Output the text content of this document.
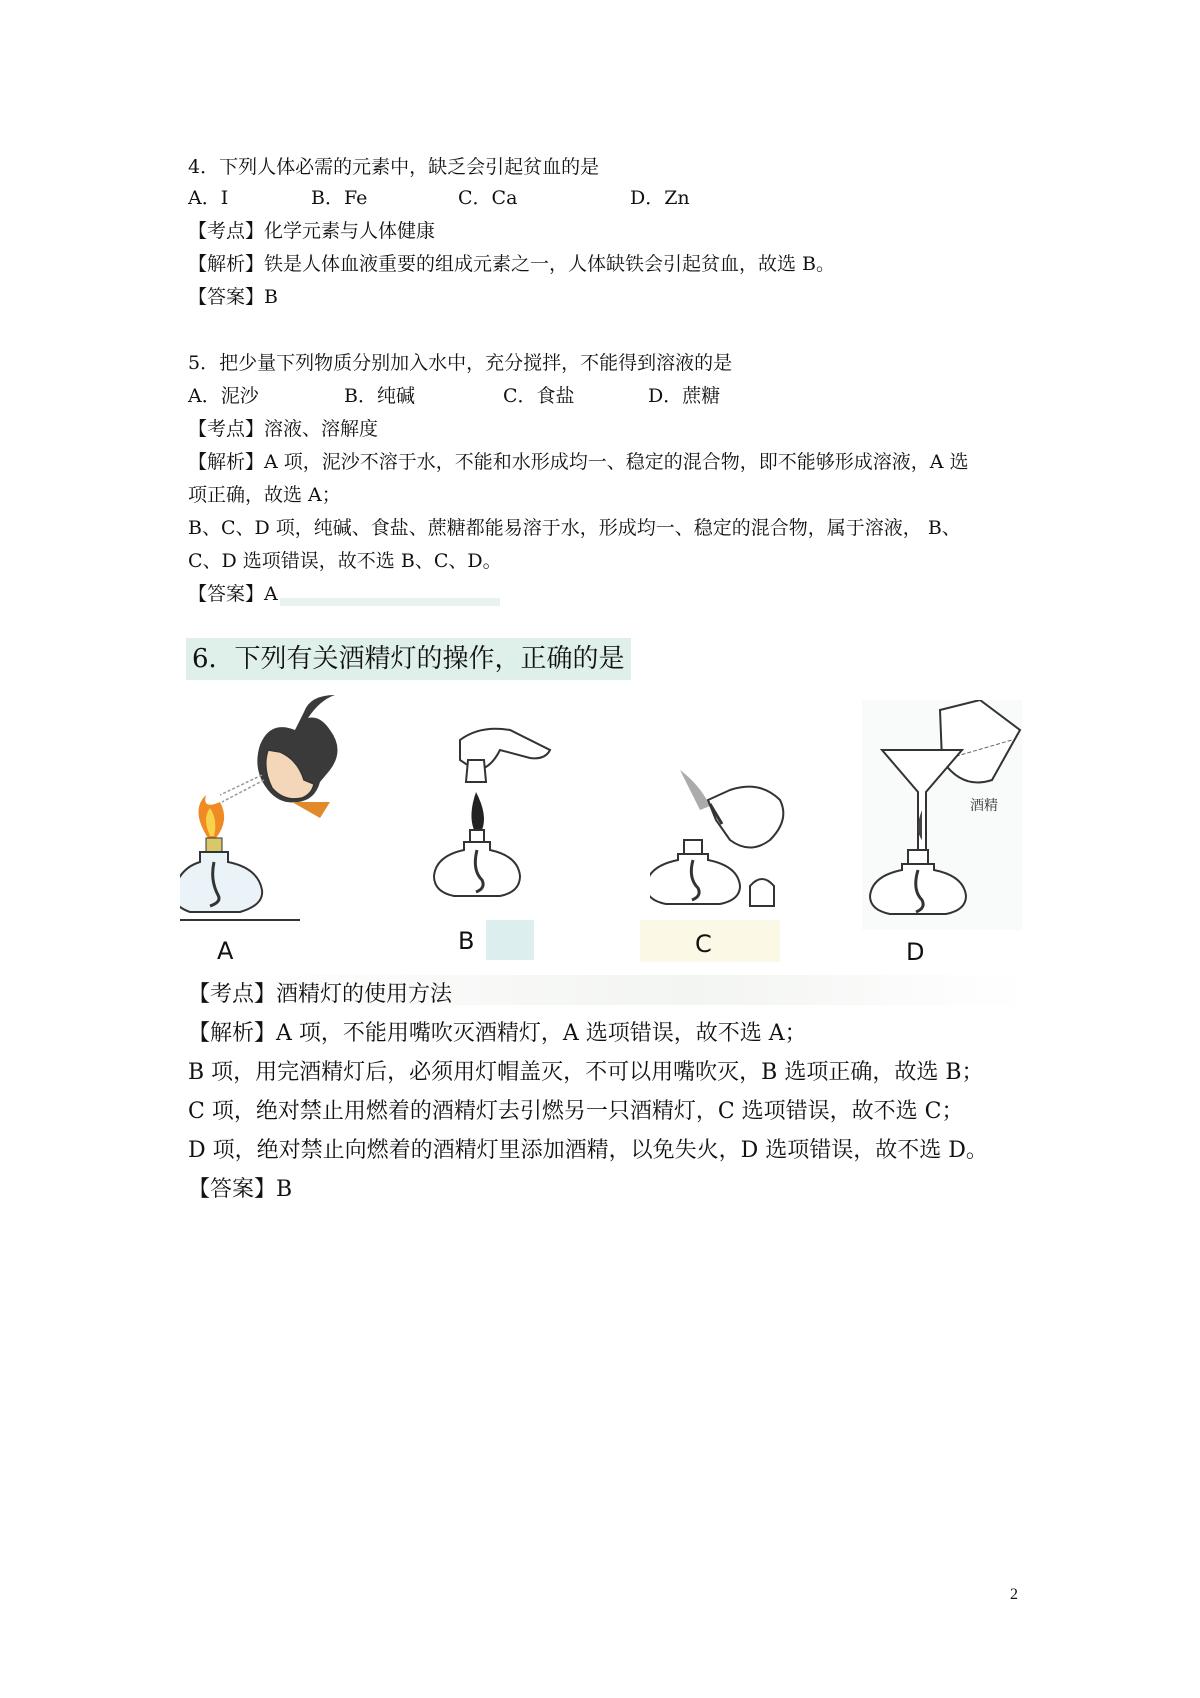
4．下列人体必需的元素中，缺乏会引起贫血的是
A．I	B．Fe	C．Ca	D．Zn
【考点】化学元素与人体健康
【解析】铁是人体血液重要的组成元素之一，人体缺铁会引起贫血，故选 B。
【答案】B
5．把少量下列物质分别加入水中，充分搅拌，不能得到溶液的是
A．泥沙	B．纯碱	C．食盐	D．蔗糖
【考点】溶液、溶解度
【解析】A 项，泥沙不溶于水，不能和水形成均一、稳定的混合物，即不能够形成溶液，A 选
项正确，故选 A；
B、C、D 项，纯碱、食盐、蔗糖都能易溶于水，形成均一、稳定的混合物，属于溶液， B、
C、D 选项错误，故不选 B、C、D。
【答案】A
6．下列有关酒精灯的操作，正确的是
A	B	C
酒精
D
【考点】酒精灯的使用方法
【解析】A 项，不能用嘴吹灭酒精灯，A 选项错误，故不选 A；
B 项，用完酒精灯后，必须用灯帽盖灭，不可以用嘴吹灭，B 选项正确，故选 B；
C 项，绝对禁止用燃着的酒精灯去引燃另一只酒精灯，C 选项错误，故不选 C；
D 项，绝对禁止向燃着的酒精灯里添加酒精，以免失火，D 选项错误，故不选 D。
【答案】B
2
